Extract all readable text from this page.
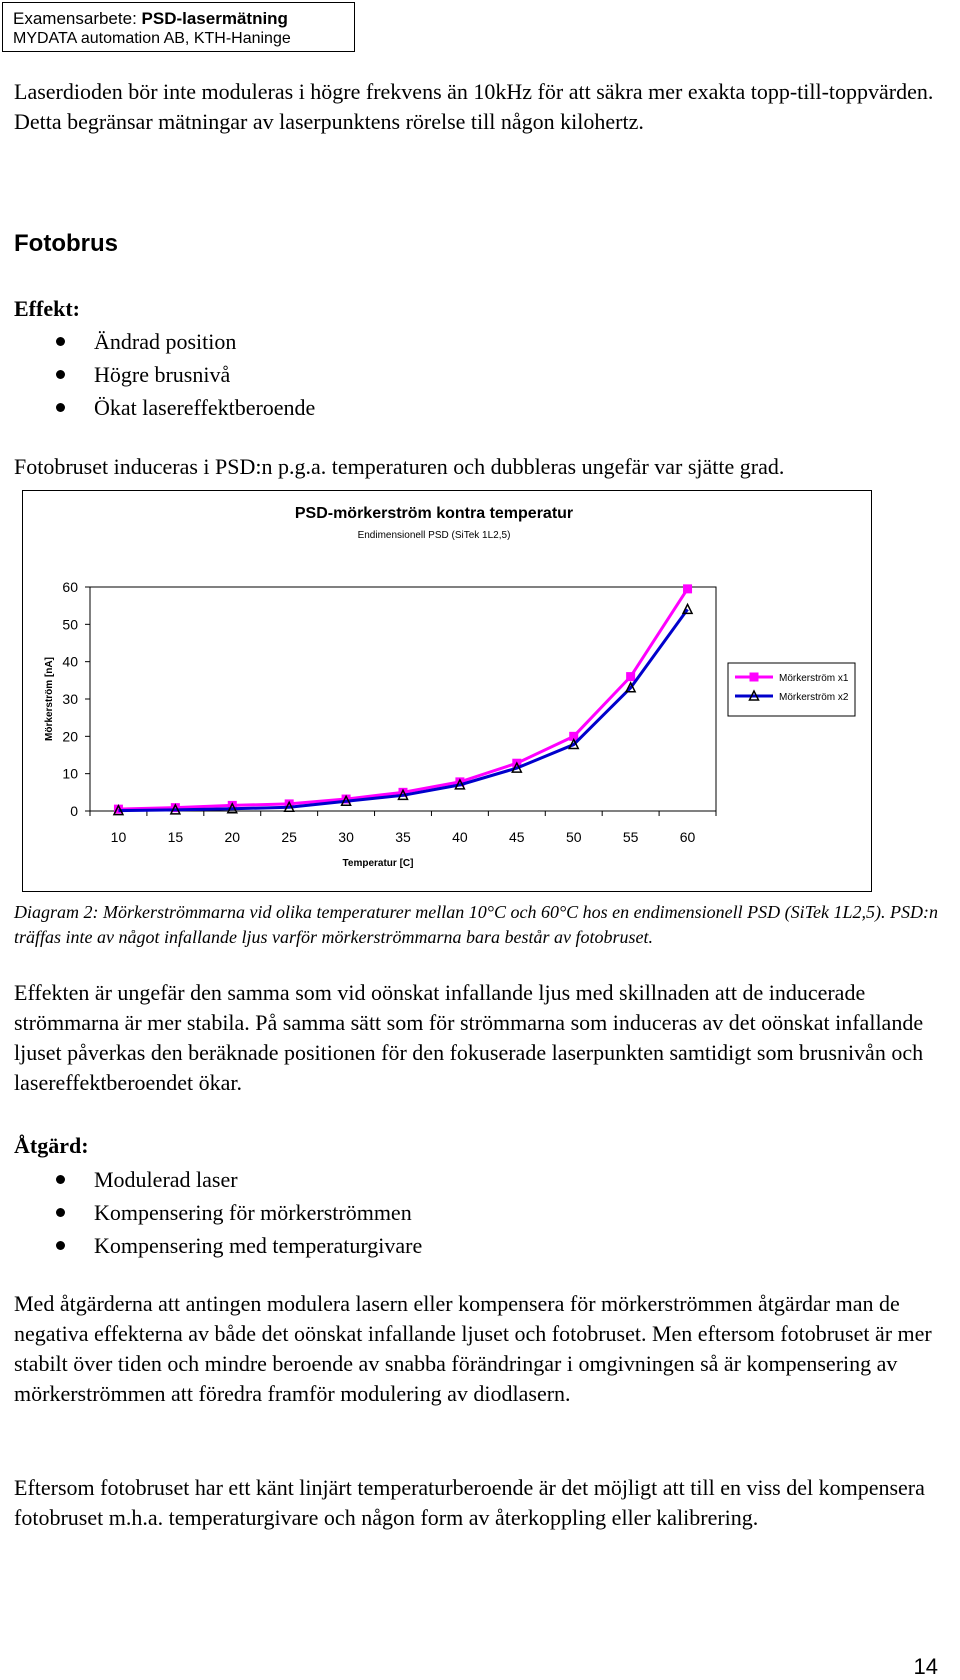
Examensarbete: PSD-lasermätning
MYDATA automation AB, KTH-Haninge

Laserdioden bör inte moduleras i högre frekvens än 10kHz för att säkra mer exakta topp-till-toppvärden. Detta begränsar mätningar av laserpunktens rörelse till någon kilohertz.

Fotobrus
Effekt:
Ändrad position
Högre brusnivå
Ökat lasereffektberoende

Fotobruset induceras i PSD:n p.g.a. temperaturen och dubbleras ungefär var sjätte grad.

PSD-mörkerström kontra temperatur
Endimensionell PSD (SiTek 1L2,5)
Mörkerström [nA]
Temperatur [C]
0
10
20
30
40
50
60
10	15	20	25	30	35	40	45	50	55	60
Mörkerström x1
Mörkerström x2
Diagram 2: Mörkerströmmarna vid olika temperaturer mellan 10°C och 60°C hos en endimensionell PSD (SiTek 1L2,5). PSD:n träffas inte av något infallande ljus varför mörkerströmmarna bara består av fotobruset.

Effekten är ungefär den samma som vid oönskat infallande ljus med skillnaden att de inducerade strömmarna är mer stabila. På samma sätt som för strömmarna som induceras av det oönskat infallande ljuset påverkas den beräknade positionen för den fokuserade laserpunkten samtidigt som brusnivån och lasereffektberoendet ökar.

Åtgärd:
Modulerad laser
Kompensering för mörkerströmmen
Kompensering med temperaturgivare

Med åtgärderna att antingen modulera lasern eller kompensera för mörkerströmmen åtgärdar man de negativa effekterna av både det oönskat infallande ljuset och fotobruset. Men eftersom fotobruset är mer stabilt över tiden och mindre beroende av snabba förändringar i omgivningen så är kompensering av mörkerströmmen att föredra framför modulering av diodlasern.

Eftersom fotobruset har ett känt linjärt temperaturberoende är det möjligt att till en viss del kompensera fotobruset m.h.a. temperaturgivare och någon form av återkoppling eller kalibrering.

14
